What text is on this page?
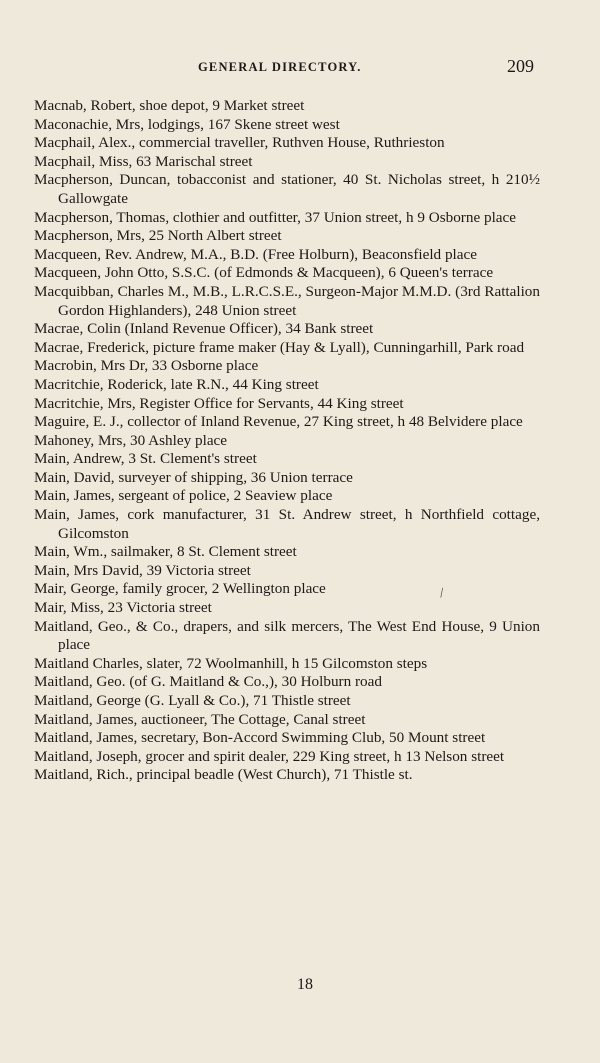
GENERAL DIRECTORY.	209
Macnab, Robert, shoe depot, 9 Market street
Maconachie, Mrs, lodgings, 167 Skene street west
Macphail, Alex., commercial traveller, Ruthven House, Ruthrieston
Macphail, Miss, 63 Marischal street
Macpherson, Duncan, tobacconist and stationer, 40 St. Nicholas street, h 210½ Gallowgate
Macpherson, Thomas, clothier and outfitter, 37 Union street, h 9 Osborne place
Macpherson, Mrs, 25 North Albert street
Macqueen, Rev. Andrew, M.A., B.D. (Free Holburn), Beaconsfield place
Macqueen, John Otto, S.S.C. (of Edmonds & Macqueen), 6 Queen's terrace
Macquibban, Charles M., M.B., L.R.C.S.E., Surgeon-Major M.M.D. (3rd Rattalion Gordon Highlanders), 248 Union street
Macrae, Colin (Inland Revenue Officer), 34 Bank street
Macrae, Frederick, picture frame maker (Hay & Lyall), Cunningarhill, Park road
Macrobin, Mrs Dr, 33 Osborne place
Macritchie, Roderick, late R.N., 44 King street
Macritchie, Mrs, Register Office for Servants, 44 King street
Maguire, E. J., collector of Inland Revenue, 27 King street, h 48 Belvidere place
Mahoney, Mrs, 30 Ashley place
Main, Andrew, 3 St. Clement's street
Main, David, surveyer of shipping, 36 Union terrace
Main, James, sergeant of police, 2 Seaview place
Main, James, cork manufacturer, 31 St. Andrew street, h Northfield cottage, Gilcomston
Main, Wm., sailmaker, 8 St. Clement street
Main, Mrs David, 39 Victoria street
Mair, George, family grocer, 2 Wellington place
Mair, Miss, 23 Victoria street
Maitland, Geo., & Co., drapers, and silk mercers, The West End House, 9 Union place
Maitland Charles, slater, 72 Woolmanhill, h 15 Gilcomston steps
Maitland, Geo. (of G. Maitland & Co.,), 30 Holburn road
Maitland, George (G. Lyall & Co.), 71 Thistle street
Maitland, James, auctioneer, The Cottage, Canal street
Maitland, James, secretary, Bon-Accord Swimming Club, 50 Mount street
Maitland, Joseph, grocer and spirit dealer, 229 King street, h 13 Nelson street
Maitland, Rich., principal beadle (West Church), 71 Thistle st.
\
18
